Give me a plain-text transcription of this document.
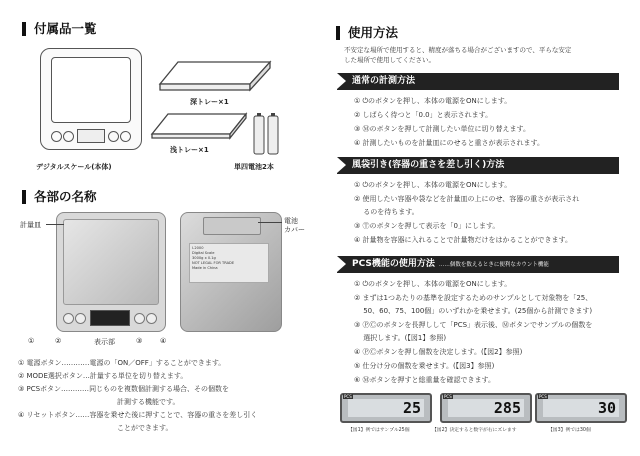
付属品一覧
デジタルスケール(本体)
深トレー×1
浅トレー×1
単四電池2本
各部の名称
計量皿
①	②	表示部	③	④
I-2000
Digital Scale
3000g x 0.1g
NOT LEGAL FOR TRADE
Made in China
電池
カバー
① 電源ボタン…………電源の「ON／OFF」することができます。
② MODE選択ボタン…計量する単位を切り替えます。
③ PCSボタン…………同じものを複数個計測する場合、その個数を
計測する機能です。
④ リセットボタン……容器を乗せた後に押すことで、容器の重さを差し引く
ことができます。
使用方法
不安定な場所で使用すると、精度が落ちる場合がございますので、平らな安定
した場所で使用してください。
通常の計測方法
① ⏻のボタンを押し、本体の電源をONにします。
② しばらく待つと「0.0」と表示されます。
③ Ⓜのボタンを押して計測したい単位に切り替えます。
④ 計測したいものを計量皿にのせると重さが表示されます。
風袋引き(容器の重さを差し引く)方法
① ⏻のボタンを押し、本体の電源をONにします。
② 使用したい容器や袋などを計量皿の上にのせ、容器の重さが表示され
　 るのを待ちます。
③ Ⓣのボタンを押して表示を「0」にします。
④ 計量物を容器に入れることで計量物だけをはかることができます。
PCS機能の使用方法 ……個数を数えるときに便利なカウント機能
① ⏻のボタンを押し、本体の電源をONにします。
② まずは1つあたりの基準を設定するためのサンプルとして対象物を「25、
　 50、60、75、100個」のいずれかを乗せます。(25個から計測できます)
③ ⓅⒸのボタンを長押しして「PCS」表示後、Ⓜボタンでサンプルの個数を
　 選択します。(【図1】参照)
④ ⓅⒸボタンを押し個数を決定します。(【図2】参照)
⑤ 仕分け分の個数を乗せます。(【図3】参照)
⑥ Ⓜボタンを押すと総重量を確認できます。
25
PCS
【図1】例ではサンプル25個
285
PCS
【図2】決定すると数字が右にズレます
30
PCS
【図3】例では30個
